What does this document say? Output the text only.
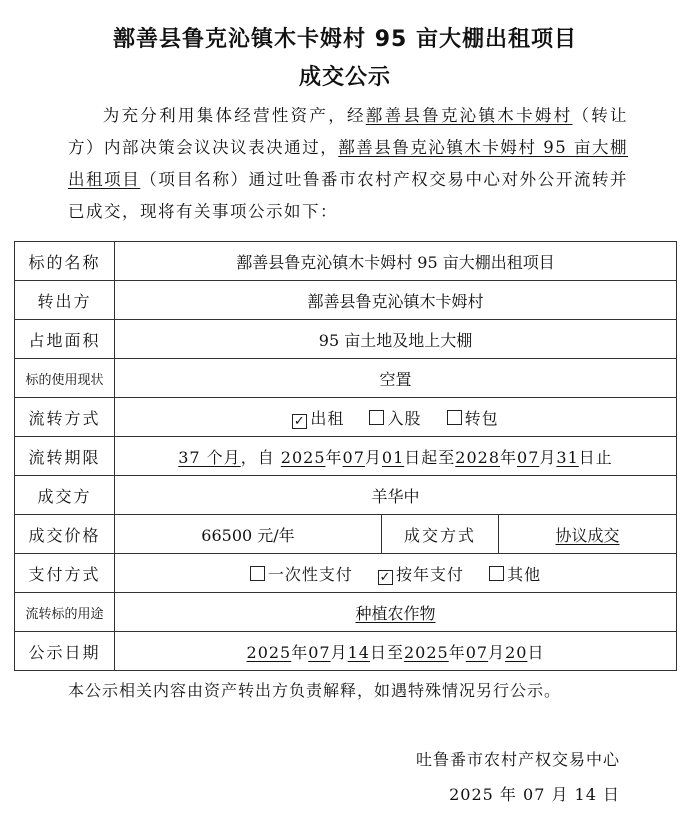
鄯善县鲁克沁镇木卡姆村 95 亩大棚出租项目
成交公示
为充分利用集体经营性资产，经鄯善县鲁克沁镇木卡姆村（转让方）内部决策会议决议表决通过，鄯善县鲁克沁镇木卡姆村 95 亩大棚出租项目（项目名称）通过吐鲁番市农村产权交易中心对外公开流转并已成交，现将有关事项公示如下：
标的名称	鄯善县鲁克沁镇木卡姆村 95 亩大棚出租项目		
转出方	鄯善县鲁克沁镇木卡姆村		
占地面积	95 亩土地及地上大棚		
标的使用现状	空置		
流转方式	✓ 出租 入股 转包		
流转期限	37 个月，自 2025年07月01日起至2028年07月31日止		
成交方	羊华中		
成交价格	66500 元/年	成交方式	协议成交
支付方式	一次性支付 ✓ 按年支付 其他		
流转标的用途	种植农作物		
公示日期	2025年07月14日至2025年07月20日		
本公示相关内容由资产转出方负责解释，如遇特殊情况另行公示。
吐鲁番市农村产权交易中心
2025 年 07 月 14 日
